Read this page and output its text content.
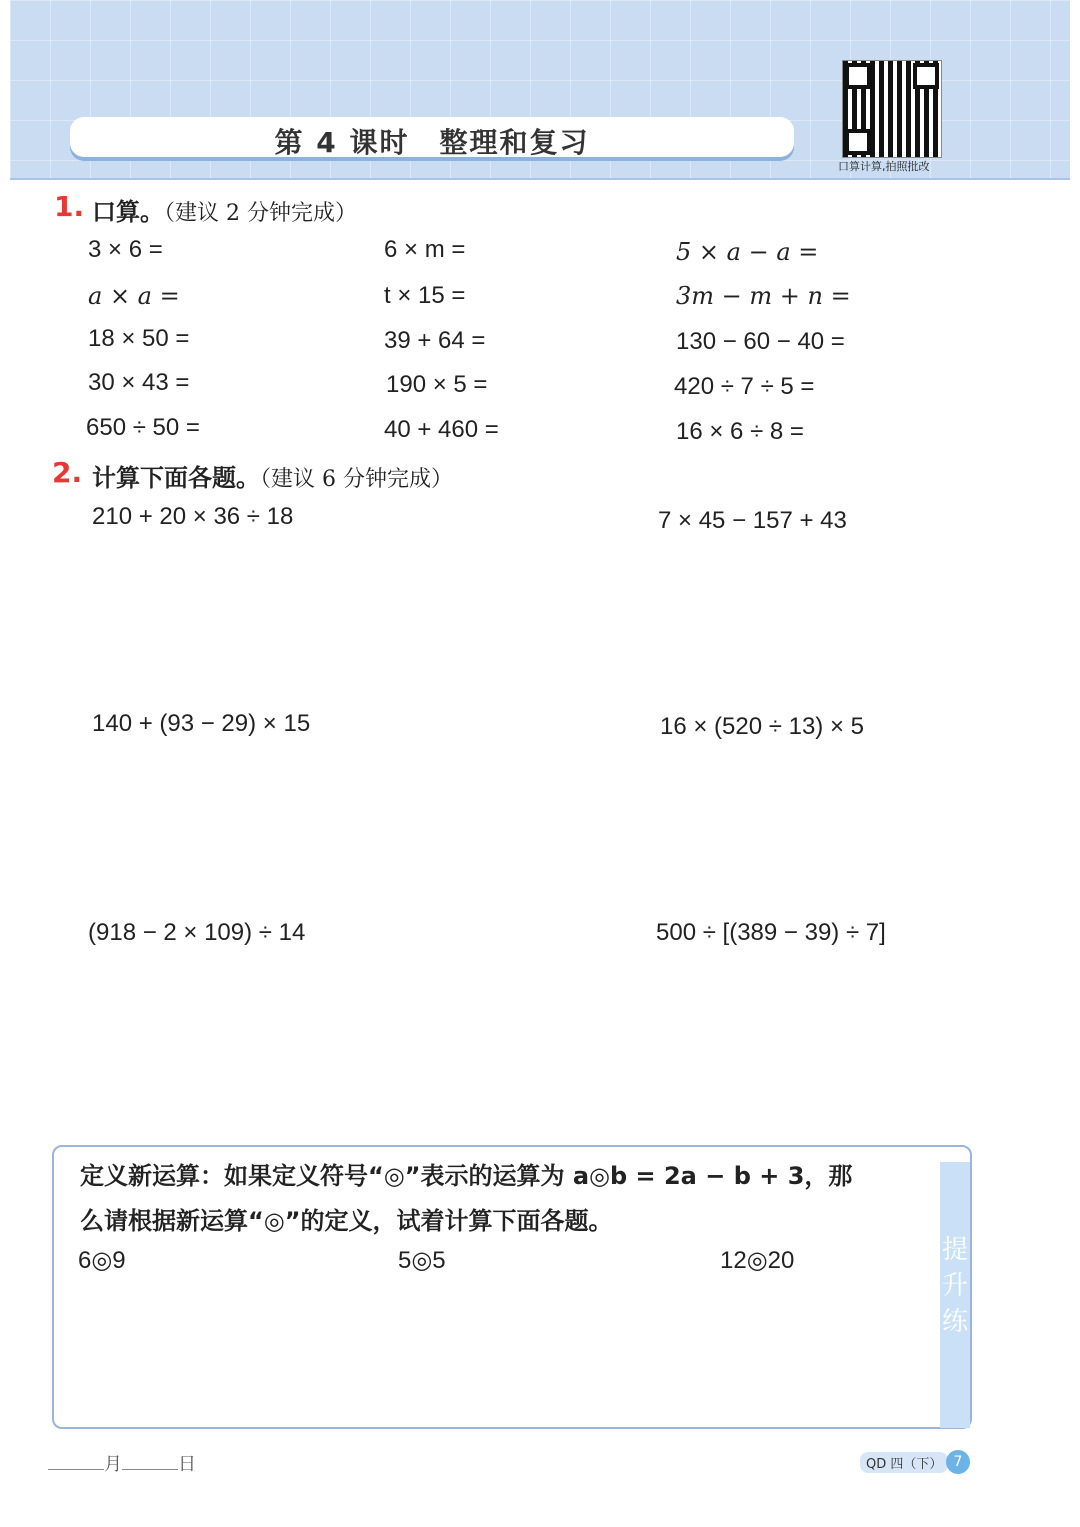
第 4 课时　整理和复习
口算计算,拍照批改
1. 口算。（建议 2 分钟完成）
3 × 6 =	6 × m =	5 × a − a =
a × a =	t × 15 =	3m − m + n =
18 × 50 =	39 + 64 =	130 − 60 − 40 =
30 × 43 =	190 × 5 =	420 ÷ 7 ÷ 5 =
650 ÷ 50 =	40 + 460 =	16 × 6 ÷ 8 =
2. 计算下面各题。（建议 6 分钟完成）
210 + 20 × 36 ÷ 18	7 × 45 − 157 + 43
140 + (93 − 29) × 15	16 × (520 ÷ 13) × 5
(918 − 2 × 109) ÷ 14	500 ÷ [(389 − 39) ÷ 7]
提升练
定义新运算：如果定义符号“◎”表示的运算为 a◎b = 2a − b + 3，那
么请根据新运算“◎”的定义，试着计算下面各题。
6◎9	5◎5	12◎20
月	日	QD 四（下） 7
